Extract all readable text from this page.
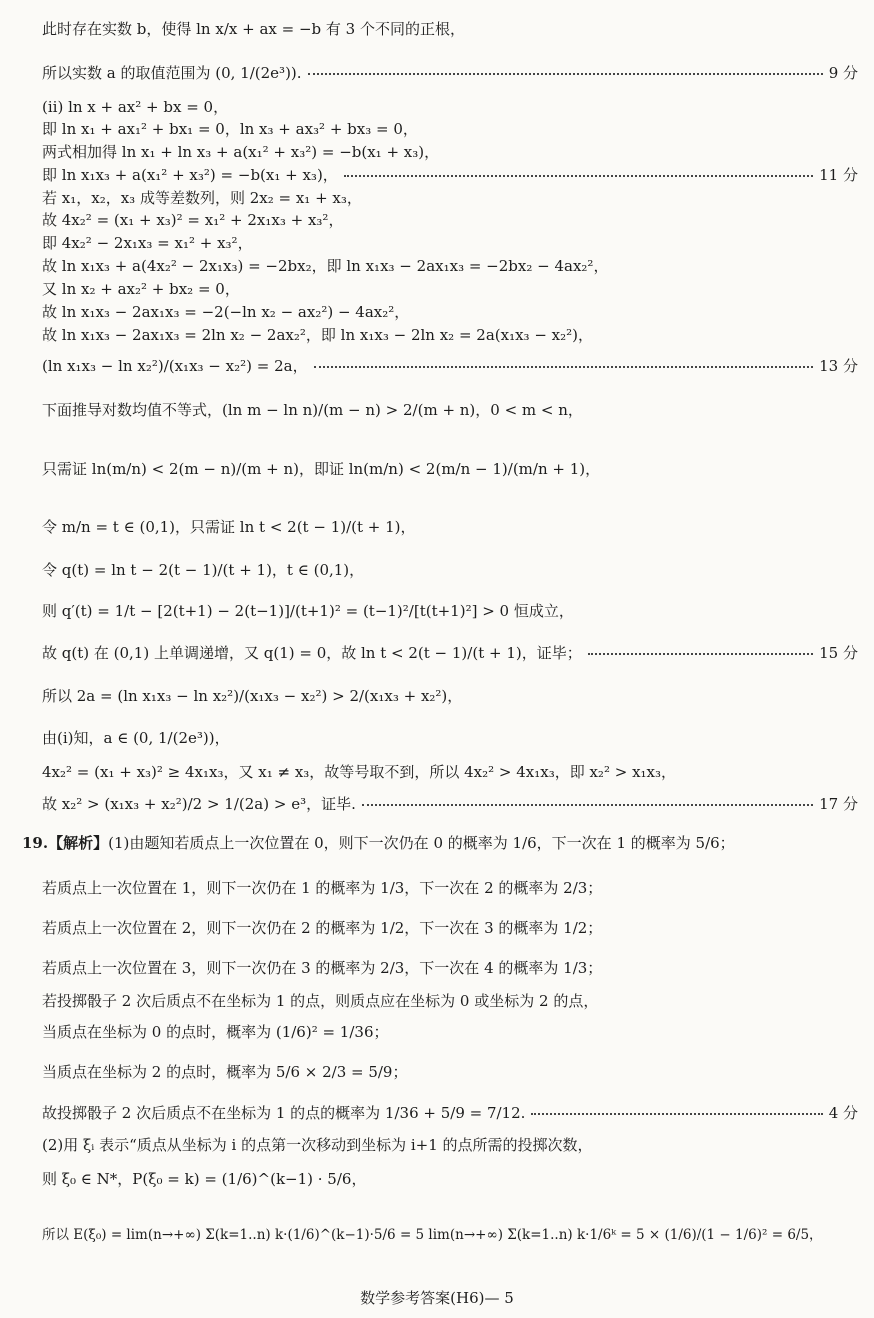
此时存在实数 b，使得 ln x/x + ax = −b 有 3 个不同的正根，
所以实数 a 的取值范围为 (0, 1/(2e³)).	9 分
(ⅱ) ln x + ax² + bx = 0，
即 ln x₁ + ax₁² + bx₁ = 0，ln x₃ + ax₃² + bx₃ = 0，
两式相加得 ln x₁ + ln x₃ + a(x₁² + x₃²) = −b(x₁ + x₃)，
即 ln x₁x₃ + a(x₁² + x₃²) = −b(x₁ + x₃)，	11 分
若 x₁，x₂，x₃ 成等差数列，则 2x₂ = x₁ + x₃，
故 4x₂² = (x₁ + x₃)² = x₁² + 2x₁x₃ + x₃²，
即 4x₂² − 2x₁x₃ = x₁² + x₃²，
故 ln x₁x₃ + a(4x₂² − 2x₁x₃) = −2bx₂，即 ln x₁x₃ − 2ax₁x₃ = −2bx₂ − 4ax₂²，
又 ln x₂ + ax₂² + bx₂ = 0，
故 ln x₁x₃ − 2ax₁x₃ = −2(−ln x₂ − ax₂²) − 4ax₂²，
故 ln x₁x₃ − 2ax₁x₃ = 2ln x₂ − 2ax₂²，即 ln x₁x₃ − 2ln x₂ = 2a(x₁x₃ − x₂²)，
(ln x₁x₃ − ln x₂²)/(x₁x₃ − x₂²) = 2a，	13 分
下面推导对数均值不等式，(ln m − ln n)/(m − n) > 2/(m + n)，0 < m < n，
只需证 ln(m/n) < 2(m − n)/(m + n)，即证 ln(m/n) < 2(m/n − 1)/(m/n + 1)，
令 m/n = t ∈ (0,1)，只需证 ln t < 2(t − 1)/(t + 1)，
令 q(t) = ln t − 2(t − 1)/(t + 1)，t ∈ (0,1)，
则 q′(t) = 1/t − [2(t+1) − 2(t−1)]/(t+1)² = (t−1)²/[t(t+1)²] > 0 恒成立，
故 q(t) 在 (0,1) 上单调递增，又 q(1) = 0，故 ln t < 2(t − 1)/(t + 1)，证毕；	15 分
所以 2a = (ln x₁x₃ − ln x₂²)/(x₁x₃ − x₂²) > 2/(x₁x₃ + x₂²)，
由(ⅰ)知，a ∈ (0, 1/(2e³))，
4x₂² = (x₁ + x₃)² ≥ 4x₁x₃，又 x₁ ≠ x₃，故等号取不到，所以 4x₂² > 4x₁x₃，即 x₂² > x₁x₃，
故 x₂² > (x₁x₃ + x₂²)/2 > 1/(2a) > e³，证毕.	17 分
19. 【解析】 (1)由题知若质点上一次位置在 0，则下一次仍在 0 的概率为 1/6，下一次在 1 的概率为 5/6；
若质点上一次位置在 1，则下一次仍在 1 的概率为 1/3，下一次在 2 的概率为 2/3；
若质点上一次位置在 2，则下一次仍在 2 的概率为 1/2，下一次在 3 的概率为 1/2；
若质点上一次位置在 3，则下一次仍在 3 的概率为 2/3，下一次在 4 的概率为 1/3；
若投掷骰子 2 次后质点不在坐标为 1 的点，则质点应在坐标为 0 或坐标为 2 的点，
当质点在坐标为 0 的点时，概率为 (1/6)² = 1/36；
当质点在坐标为 2 的点时，概率为 5/6 × 2/3 = 5/9；
故投掷骰子 2 次后质点不在坐标为 1 的点的概率为 1/36 + 5/9 = 7/12.	4 分
(2)用 ξᵢ 表示“质点从坐标为 i 的点第一次移动到坐标为 i+1 的点所需的投掷次数，
则 ξ₀ ∈ N*，P(ξ₀ = k) = (1/6)^(k−1) · 5/6，
所以 E(ξ₀) = lim(n→+∞) Σ(k=1..n) k·(1/6)^(k−1)·5/6 = 5 lim(n→+∞) Σ(k=1..n) k·1/6ᵏ = 5 × (1/6)/(1 − 1/6)² = 6/5，
数学参考答案(H6)— 5
